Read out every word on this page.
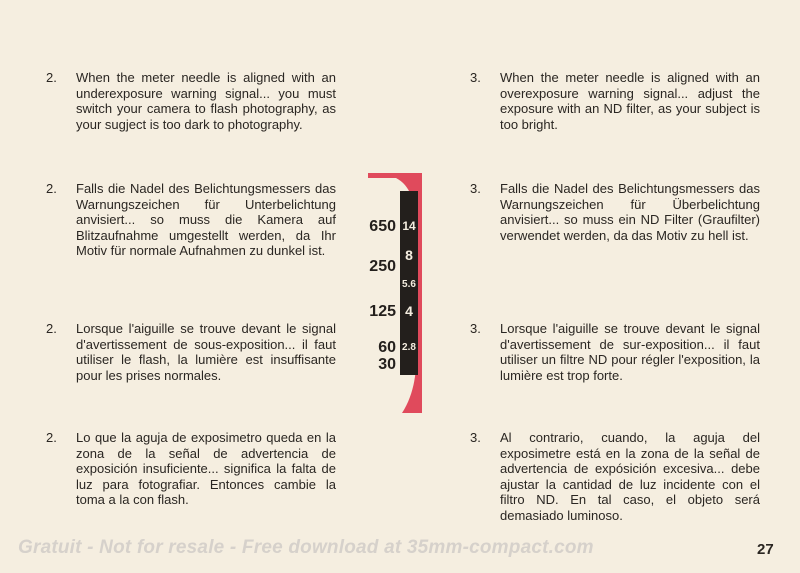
2. When the meter needle is aligned with an underexposure warning signal... you must switch your camera to flash photography, as your sugject is too dark to photography.
2. Falls die Nadel des Belichtungsmessers das Warnungszeichen für Unterbelichtung anvisiert... so muss die Kamera auf Blitzaufnahme umgestellt werden, da Ihr Motiv für normale Aufnahmen zu dunkel ist.
2. Lorsque l'aiguille se trouve devant le signal d'avertissement de sous-exposition... il faut utiliser le flash, la lumière est insuffisante pour les prises normales.
2. Lo que la aguja de exposimetro queda en la zona de la señal de advertencia de exposición insuficiente... significa la falta de luz para fotografiar. Entonces cambie la toma a la con flash.
650
250
125
60
30
14
8
5.6
4
2.8
3. When the meter needle is aligned with an overexposure warning signal... adjust the exposure with an ND filter, as your subject is too bright.
3. Falls die Nadel des Belichtungsmessers das Warnungszeichen für Überbelichtung anvisiert... so muss ein ND Filter (Graufilter) verwendet werden, da das Motiv zu hell ist.
3. Lorsque l'aiguille se trouve devant le signal d'avertissement de sur-exposition... il faut utiliser un filtre ND pour régler l'exposition, la lumière est trop forte.
3. Al contrario, cuando, la aguja del exposimetre está en la zona de la señal de advertencia de expósición excesiva... debe ajustar la cantidad de luz incidente con el filtro ND. En tal caso, el objeto será demasiado luminoso.
Gratuit - Not for resale - Free download at 35mm-compact.com	27
